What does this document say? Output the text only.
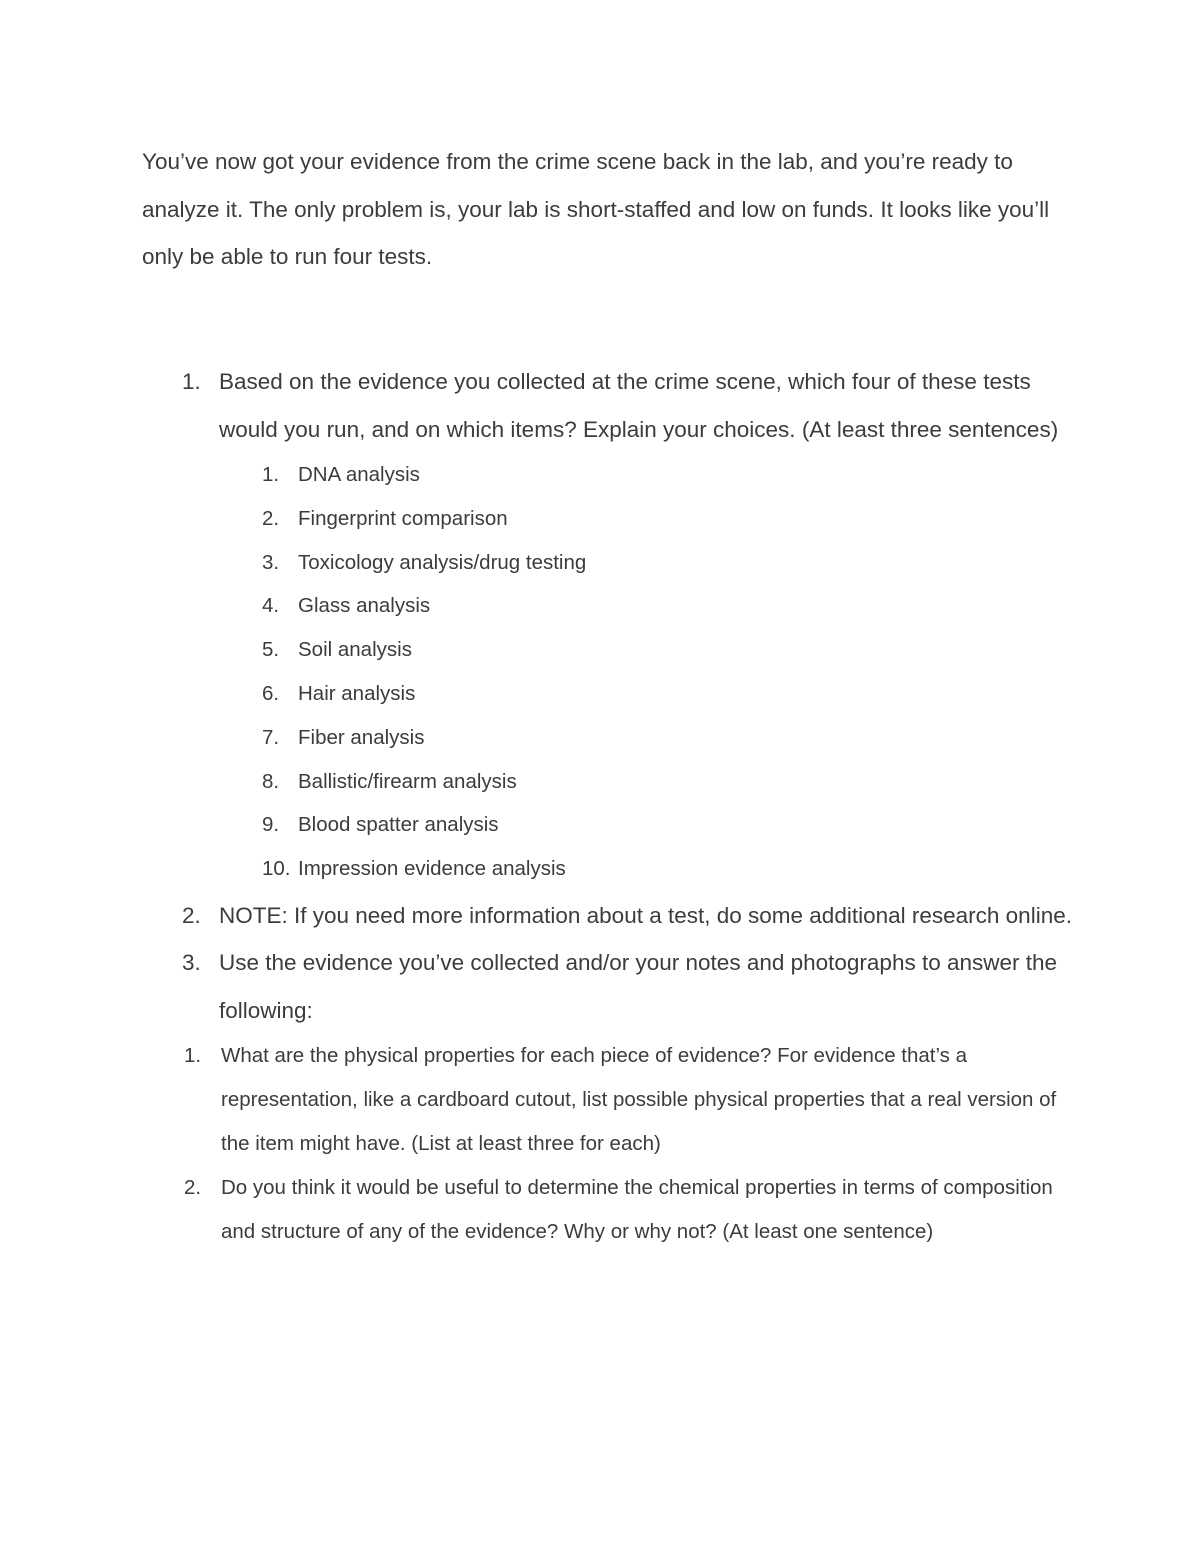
You’ve now got your evidence from the crime scene back in the lab, and you’re ready to analyze it. The only problem is, your lab is short-staffed and low on funds. It looks like you’ll only be able to run four tests.

1. Based on the evidence you collected at the crime scene, which four of these tests would you run, and on which items? Explain your choices. (At least three sentences)
1. DNA analysis
2. Fingerprint comparison
3. Toxicology analysis/drug testing
4. Glass analysis
5. Soil analysis
6. Hair analysis
7. Fiber analysis
8. Ballistic/firearm analysis
9. Blood spatter analysis
10. Impression evidence analysis
2. NOTE: If you need more information about a test, do some additional research online.
3. Use the evidence you’ve collected and/or your notes and photographs to answer the following:
1. What are the physical properties for each piece of evidence? For evidence that’s a representation, like a cardboard cutout, list possible physical properties that a real version of the item might have. (List at least three for each)
2. Do you think it would be useful to determine the chemical properties in terms of composition and structure of any of the evidence? Why or why not? (At least one sentence)
